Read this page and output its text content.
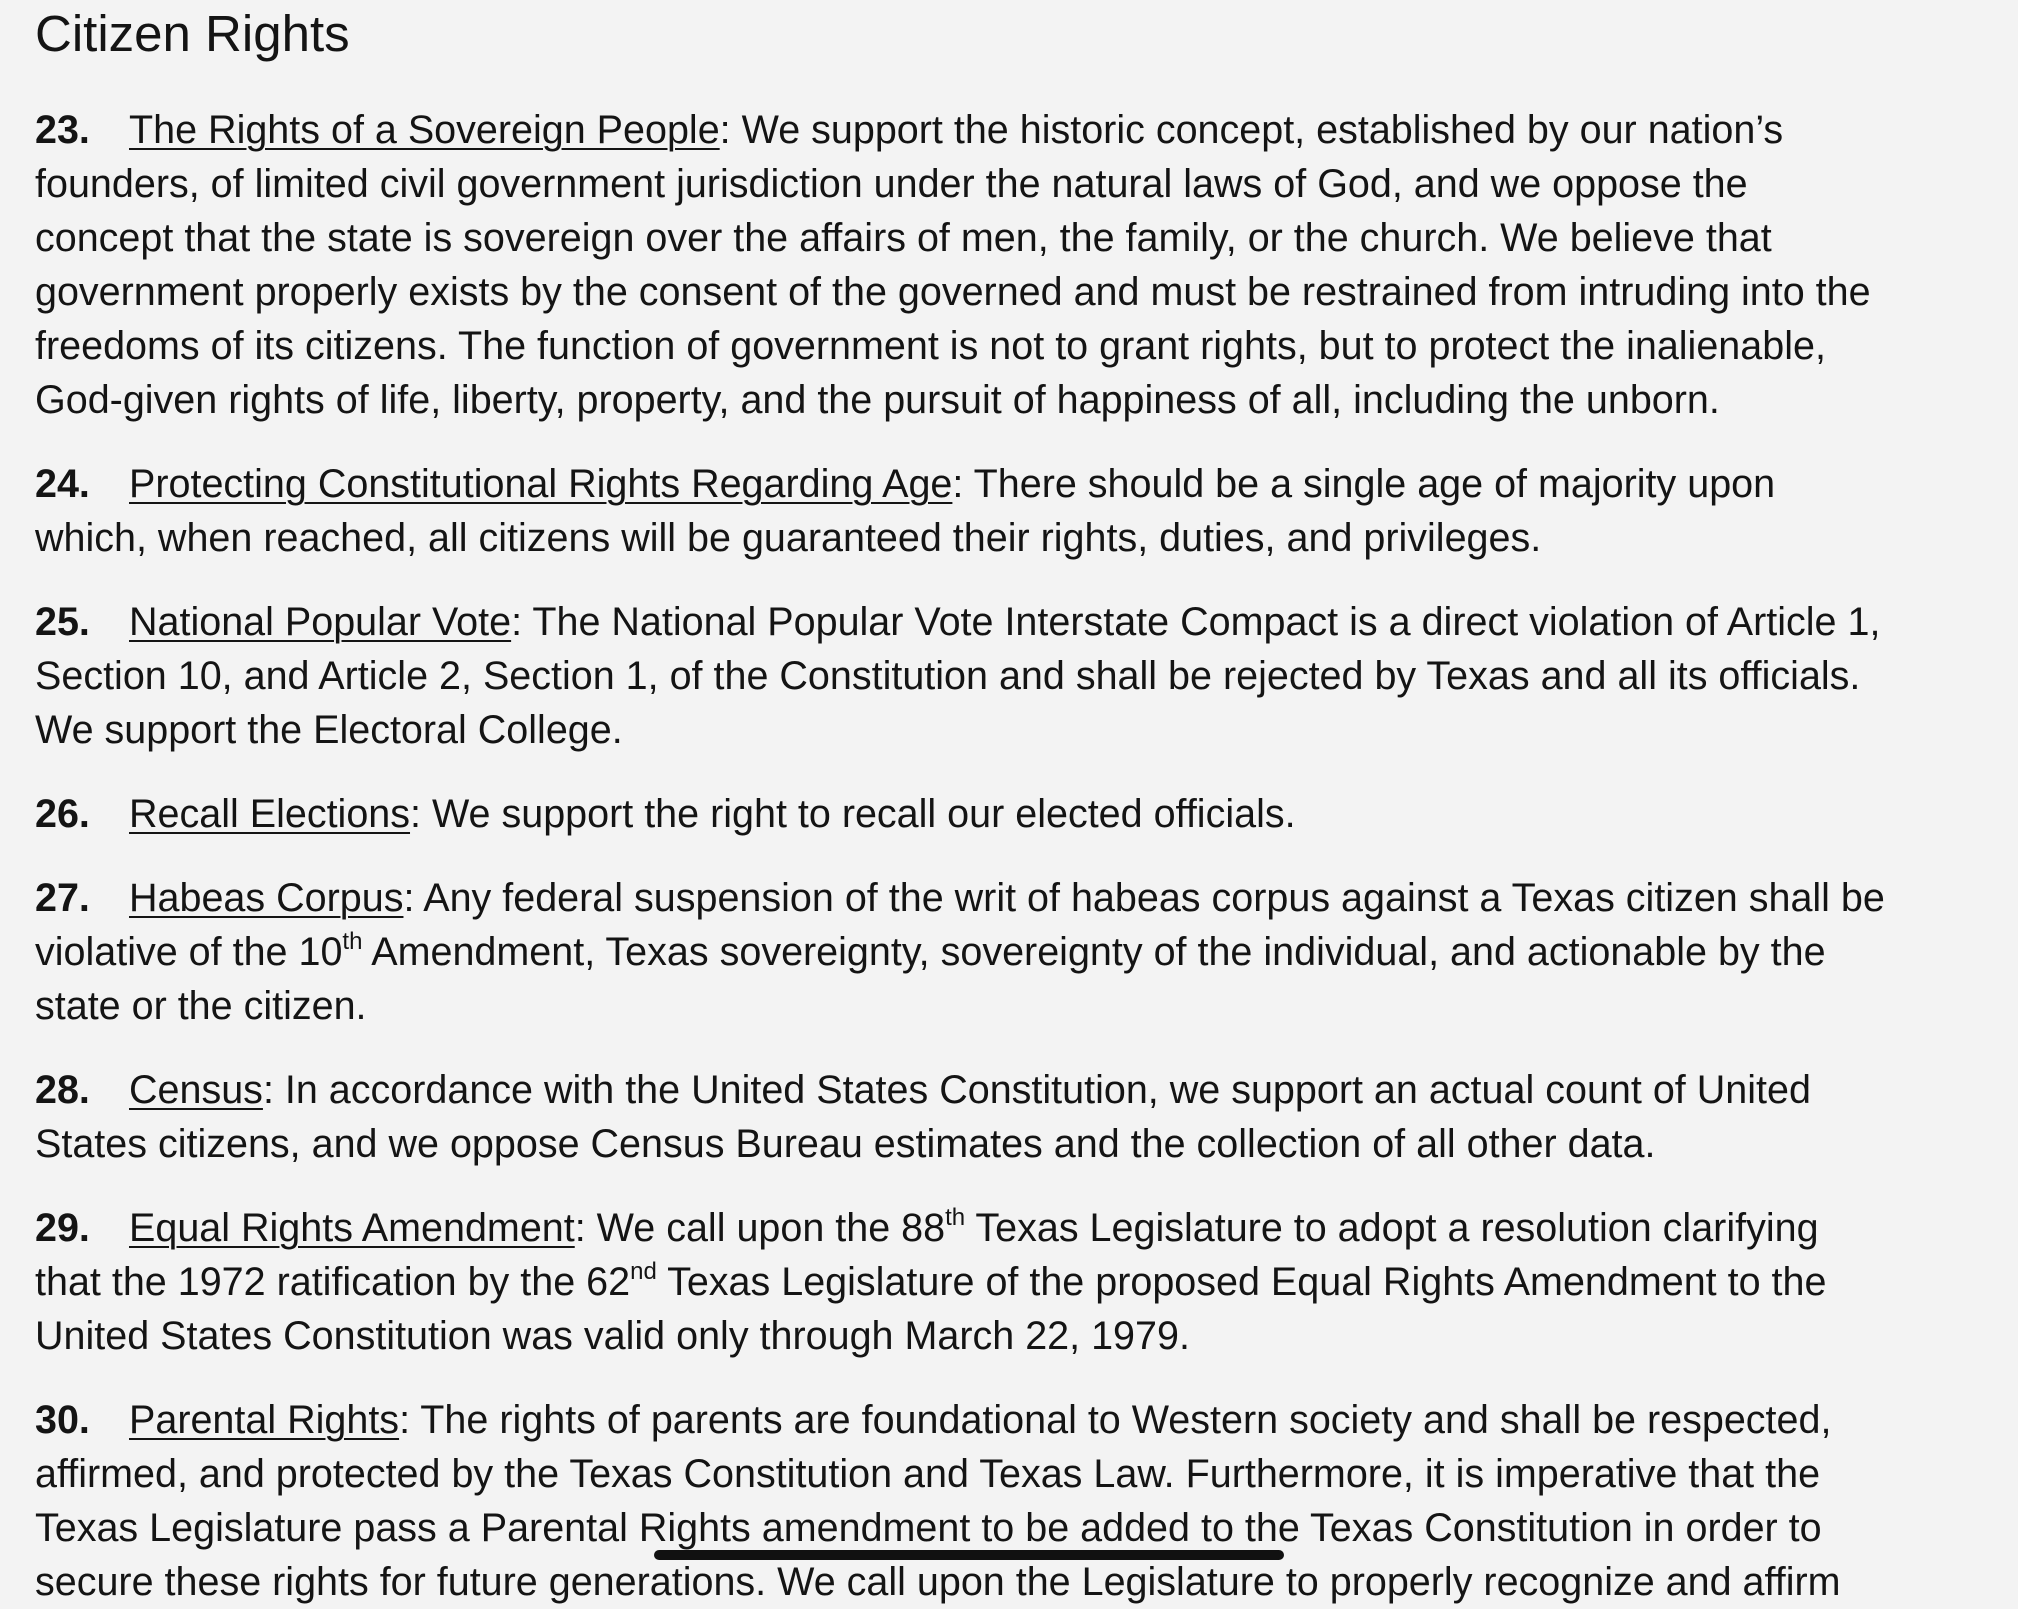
Citizen Rights
23. The Rights of a Sovereign People: We support the historic concept, established by our nation’s
founders, of limited civil government jurisdiction under the natural laws of God, and we oppose the
concept that the state is sovereign over the affairs of men, the family, or the church. We believe that
government properly exists by the consent of the governed and must be restrained from intruding into the
freedoms of its citizens. The function of government is not to grant rights, but to protect the inalienable,
God-given rights of life, liberty, property, and the pursuit of happiness of all, including the unborn.
24. Protecting Constitutional Rights Regarding Age: There should be a single age of majority upon
which, when reached, all citizens will be guaranteed their rights, duties, and privileges.
25. National Popular Vote: The National Popular Vote Interstate Compact is a direct violation of Article 1,
Section 10, and Article 2, Section 1, of the Constitution and shall be rejected by Texas and all its officials.
We support the Electoral College.
26. Recall Elections: We support the right to recall our elected officials.
27. Habeas Corpus: Any federal suspension of the writ of habeas corpus against a Texas citizen shall be
violative of the 10th Amendment, Texas sovereignty, sovereignty of the individual, and actionable by the
state or the citizen.
28. Census: In accordance with the United States Constitution, we support an actual count of United
States citizens, and we oppose Census Bureau estimates and the collection of all other data.
29. Equal Rights Amendment: We call upon the 88th Texas Legislature to adopt a resolution clarifying
that the 1972 ratification by the 62nd Texas Legislature of the proposed Equal Rights Amendment to the
United States Constitution was valid only through March 22, 1979.
30. Parental Rights: The rights of parents are foundational to Western society and shall be respected,
affirmed, and protected by the Texas Constitution and Texas Law. Furthermore, it is imperative that the
Texas Legislature pass a Parental Rights amendment to be added to the Texas Constitution in order to
secure these rights for future generations. We call upon the Legislature to properly recognize and affirm
